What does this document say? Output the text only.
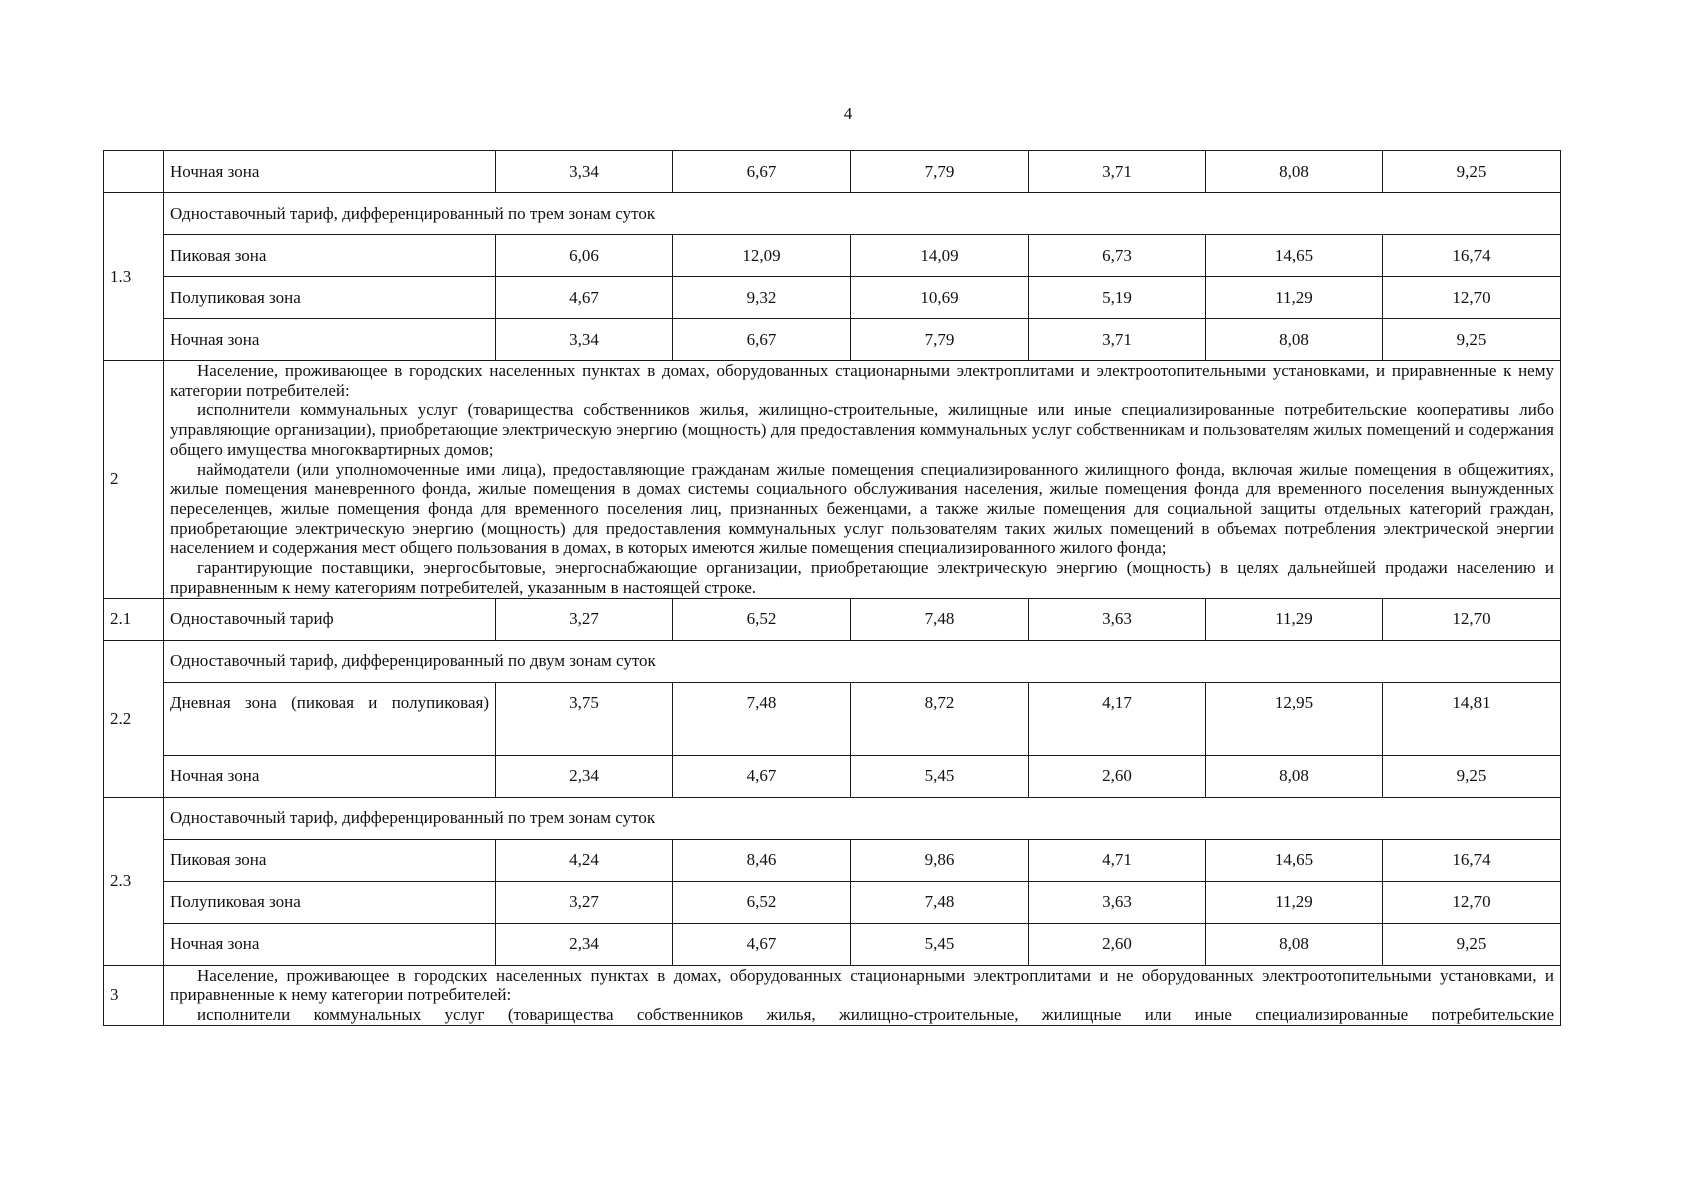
4
	Ночная зона	3,34	6,67	7,79	3,71	8,08	9,25
1.3	Одноставочный тариф, дифференцированный по трем зонам суток						
	Пиковая зона	6,06	12,09	14,09	6,73	14,65	16,74
	Полупиковая зона	4,67	9,32	10,69	5,19	11,29	12,70
	Ночная зона	3,34	6,67	7,79	3,71	8,08	9,25
2	Население, проживающее в городских населенных пунктах в домах, оборудованных стационарными электроплитами и электроотопительными установками, и приравненные к нему категории потребителей:

исполнители коммунальных услуг (товарищества собственников жилья, жилищно-строительные, жилищные или иные специализированные потребительские кооперативы либо управляющие организации), приобретающие электрическую энергию (мощность) для предоставления коммунальных услуг собственникам и пользователям жилых помещений и содержания общего имущества многоквартирных домов;

наймодатели (или уполномоченные ими лица), предоставляющие гражданам жилые помещения специализированного жилищного фонда, включая жилые помещения в общежитиях, жилые помещения маневренного фонда, жилые помещения в домах системы социального обслуживания населения, жилые помещения фонда для временного поселения вынужденных переселенцев, жилые помещения фонда для временного поселения лиц, признанных беженцами, а также жилые помещения для социальной защиты отдельных категорий граждан, приобретающие электрическую энергию (мощность) для предоставления коммунальных услуг пользователям таких жилых помещений в объемах потребления электрической энергии населением и содержания мест общего пользования в домах, в которых имеются жилые помещения специализированного жилого фонда;

гарантирующие поставщики, энергосбытовые, энергоснабжающие организации, приобретающие электрическую энергию (мощность) в целях дальнейшей продажи населению и приравненным к нему категориям потребителей, указанным в настоящей строке.						

2.1	Одноставочный тариф	3,27	6,52	7,48	3,63	11,29	12,70
2.2	Одноставочный тариф, дифференцированный по двум зонам суток						
	Дневная зона (пиковая и полупиковая)	3,75	7,48	8,72	4,17	12,95	14,81
	Ночная зона	2,34	4,67	5,45	2,60	8,08	9,25
2.3	Одноставочный тариф, дифференцированный по трем зонам суток						
	Пиковая зона	4,24	8,46	9,86	4,71	14,65	16,74
	Полупиковая зона	3,27	6,52	7,48	3,63	11,29	12,70
	Ночная зона	2,34	4,67	5,45	2,60	8,08	9,25
3	Население, проживающее в городских населенных пунктах в домах, оборудованных стационарными электроплитами и не оборудованных электроотопительными установками, и приравненные к нему категории потребителей:

исполнители коммунальных услуг (товарищества собственников жилья, жилищно-строительные, жилищные или иные специализированные потребительские						
